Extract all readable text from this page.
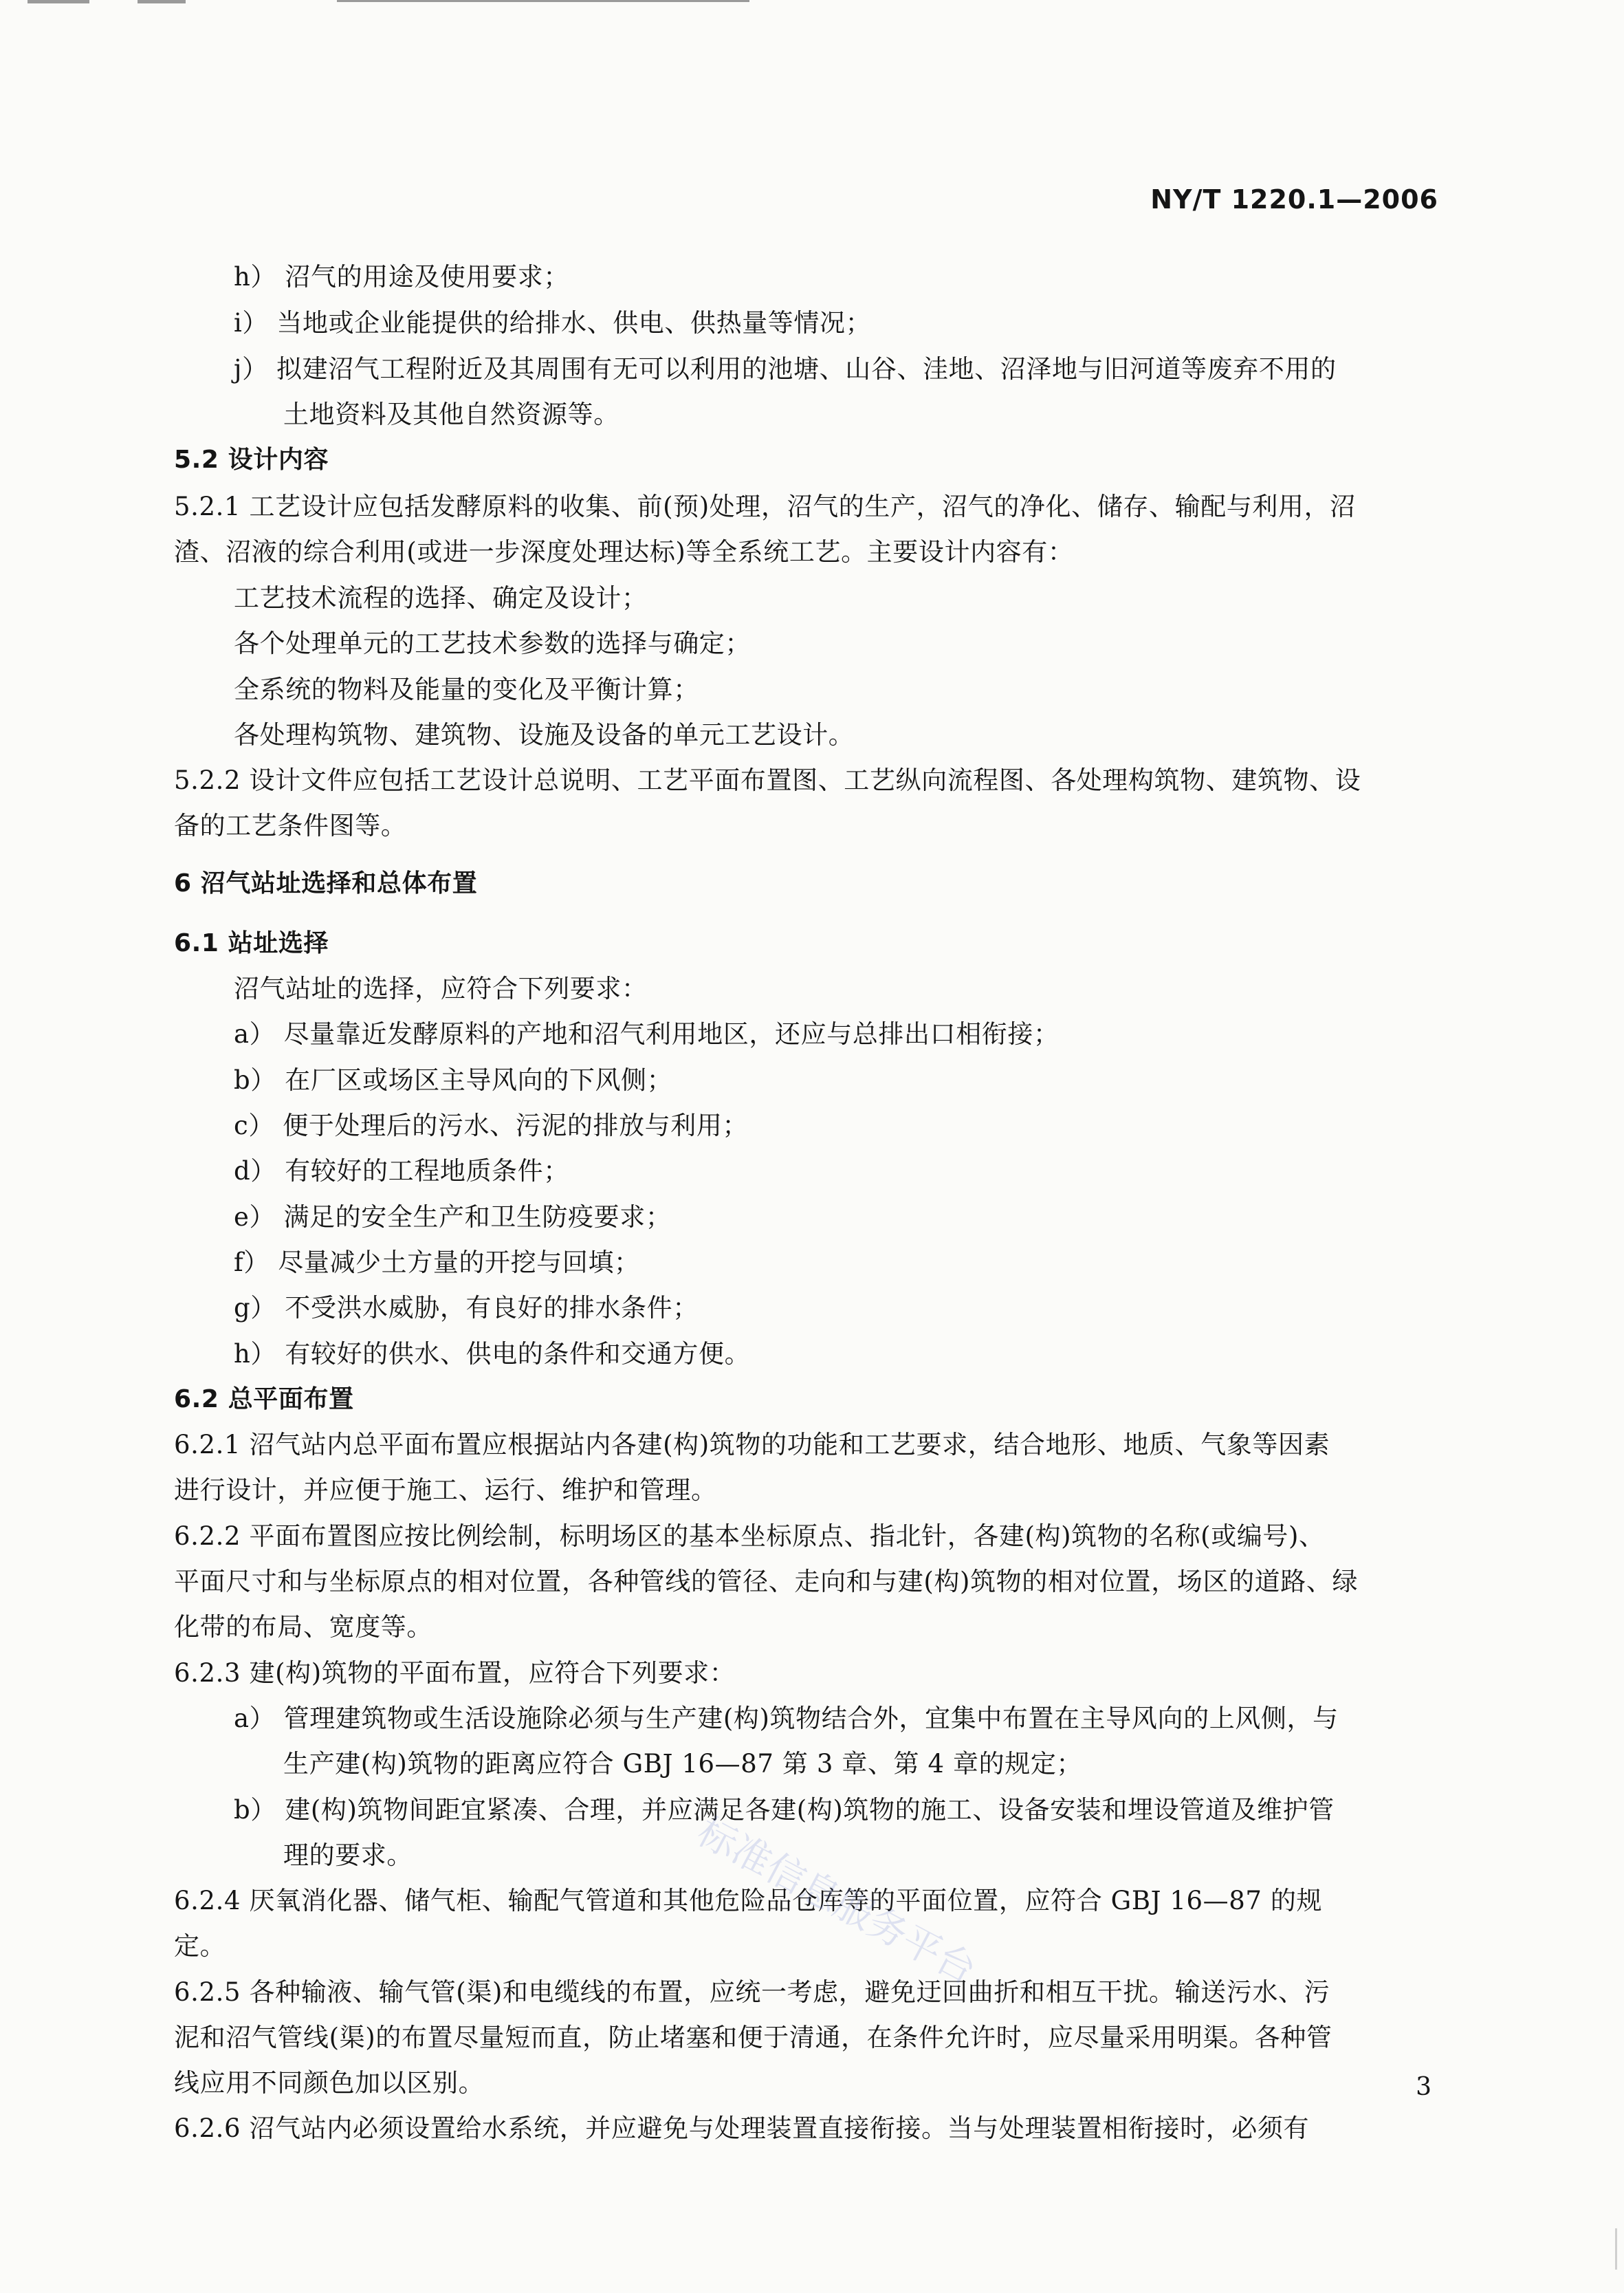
NY/T 1220.1—2006
h） 沼气的用途及使用要求；
i） 当地或企业能提供的给排水、供电、供热量等情况；
j） 拟建沼气工程附近及其周围有无可以利用的池塘、山谷、洼地、沼泽地与旧河道等废弃不用的
土地资料及其他自然资源等。
5.2 设计内容
5.2.1 工艺设计应包括发酵原料的收集、前(预)处理，沼气的生产，沼气的净化、储存、输配与利用，沼
渣、沼液的综合利用(或进一步深度处理达标)等全系统工艺。主要设计内容有：
工艺技术流程的选择、确定及设计；
各个处理单元的工艺技术参数的选择与确定；
全系统的物料及能量的变化及平衡计算；
各处理构筑物、建筑物、设施及设备的单元工艺设计。
5.2.2 设计文件应包括工艺设计总说明、工艺平面布置图、工艺纵向流程图、各处理构筑物、建筑物、设
备的工艺条件图等。
6 沼气站址选择和总体布置
6.1 站址选择
沼气站址的选择，应符合下列要求：
a） 尽量靠近发酵原料的产地和沼气利用地区，还应与总排出口相衔接；
b） 在厂区或场区主导风向的下风侧；
c） 便于处理后的污水、污泥的排放与利用；
d） 有较好的工程地质条件；
e） 满足的安全生产和卫生防疫要求；
f） 尽量减少土方量的开挖与回填；
g） 不受洪水威胁，有良好的排水条件；
h） 有较好的供水、供电的条件和交通方便。
6.2 总平面布置
6.2.1 沼气站内总平面布置应根据站内各建(构)筑物的功能和工艺要求，结合地形、地质、气象等因素
进行设计，并应便于施工、运行、维护和管理。
6.2.2 平面布置图应按比例绘制，标明场区的基本坐标原点、指北针，各建(构)筑物的名称(或编号)、
平面尺寸和与坐标原点的相对位置，各种管线的管径、走向和与建(构)筑物的相对位置，场区的道路、绿
化带的布局、宽度等。
6.2.3 建(构)筑物的平面布置，应符合下列要求：
a） 管理建筑物或生活设施除必须与生产建(构)筑物结合外，宜集中布置在主导风向的上风侧，与
生产建(构)筑物的距离应符合 GBJ 16—87 第 3 章、第 4 章的规定；
b） 建(构)筑物间距宜紧凑、合理，并应满足各建(构)筑物的施工、设备安装和埋设管道及维护管
理的要求。
6.2.4 厌氧消化器、储气柜、输配气管道和其他危险品仓库等的平面位置，应符合 GBJ 16—87 的规
定。
6.2.5 各种输液、输气管(渠)和电缆线的布置，应统一考虑，避免迂回曲折和相互干扰。输送污水、污
泥和沼气管线(渠)的布置尽量短而直，防止堵塞和便于清通，在条件允许时，应尽量采用明渠。各种管
线应用不同颜色加以区别。
6.2.6 沼气站内必须设置给水系统，并应避免与处理装置直接衔接。当与处理装置相衔接时，必须有
标准信息服务平台
3
